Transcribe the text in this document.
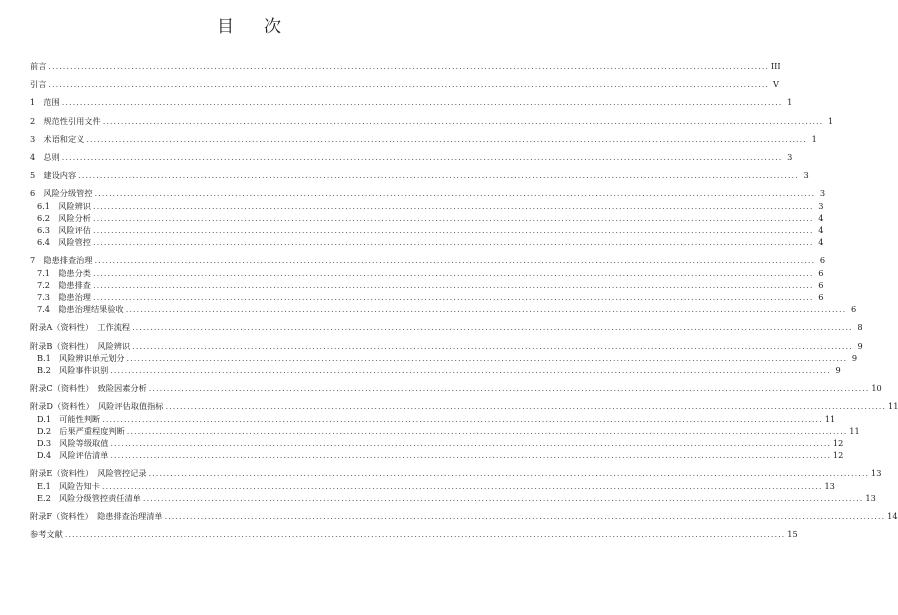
目 次
前言 ........................................................................................................................................................................................................ III
引言 ........................................................................................................................................................................................................ V
1　范围 ........................................................................................................................................................................................................ 1
2　规范性引用文件 ........................................................................................................................................................................................................ 1
3　术语和定义 ........................................................................................................................................................................................................ 1
4　总则 ........................................................................................................................................................................................................ 3
5　建设内容 ........................................................................................................................................................................................................ 3
6　风险分级管控 ........................................................................................................................................................................................................ 3
6.1　风险辨识 ........................................................................................................................................................................................................ 3
6.2　风险分析 ........................................................................................................................................................................................................ 4
6.3　风险评估 ........................................................................................................................................................................................................ 4
6.4　风险管控 ........................................................................................................................................................................................................ 4
7　隐患排查治理 ........................................................................................................................................................................................................ 6
7.1　隐患分类 ........................................................................................................................................................................................................ 6
7.2　隐患排查 ........................................................................................................................................................................................................ 6
7.3　隐患治理 ........................................................................................................................................................................................................ 6
7.4　隐患治理结果验收 ........................................................................................................................................................................................................ 6
附录A（资料性）　工作流程 ........................................................................................................................................................................................................ 8
附录B（资料性）　风险辨识 ........................................................................................................................................................................................................ 9
B.1　风险辨识单元划分 ........................................................................................................................................................................................................ 9
B.2　风险事件识别 ........................................................................................................................................................................................................ 9
附录C（资料性）　致险因素分析 ........................................................................................................................................................................................................ 10
附录D（资料性）　风险评估取值指标 ........................................................................................................................................................................................................ 11
D.1　可能性判断 ........................................................................................................................................................................................................ 11
D.2　后果严重程度判断 ........................................................................................................................................................................................................ 11
D.3　风险等级取值 ........................................................................................................................................................................................................ 12
D.4　风险评估清单 ........................................................................................................................................................................................................ 12
附录E（资料性）　风险管控记录 ........................................................................................................................................................................................................ 13
E.1　风险告知卡 ........................................................................................................................................................................................................ 13
E.2　风险分级管控责任清单 ........................................................................................................................................................................................................ 13
附录F（资料性）　隐患排查治理清单 ........................................................................................................................................................................................................ 14
参考文献 ........................................................................................................................................................................................................ 15
